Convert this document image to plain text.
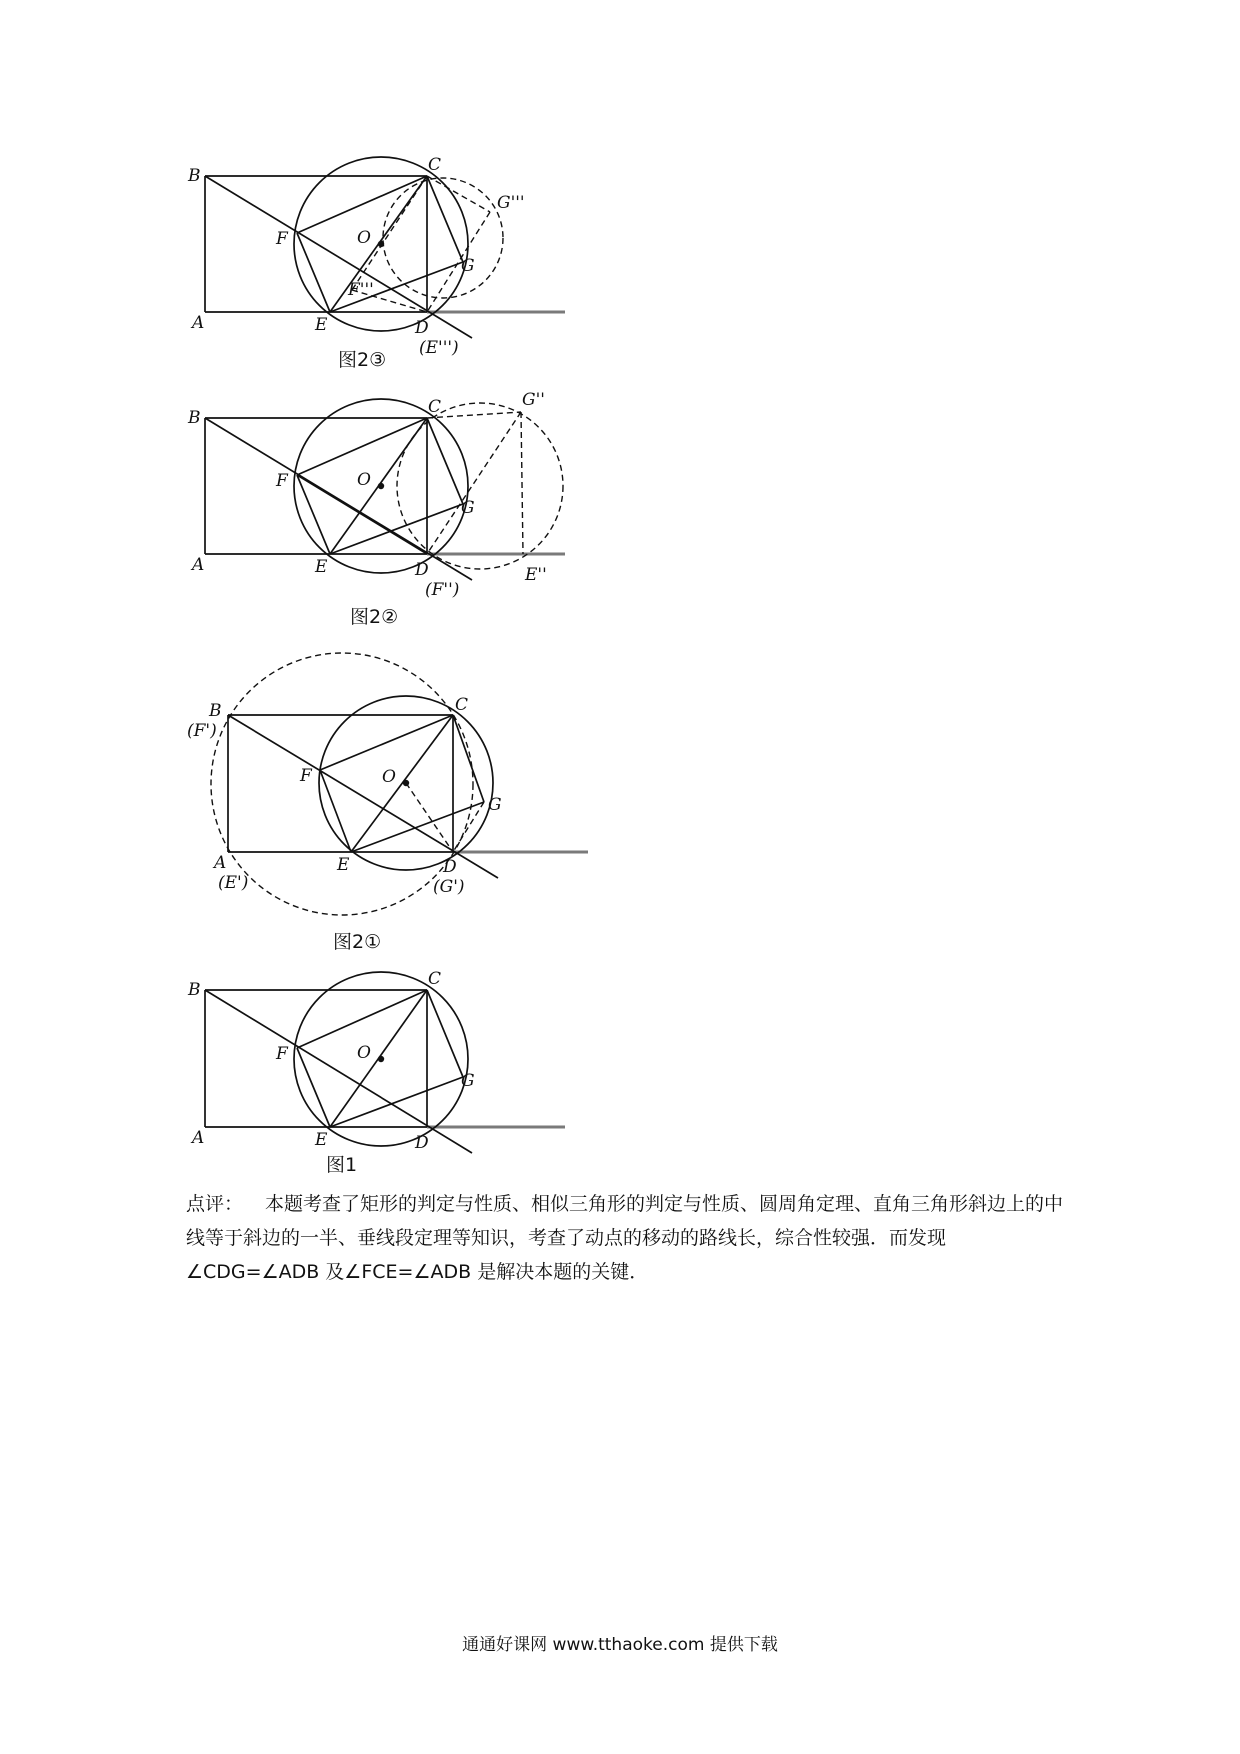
B
C
G'''
F	O
G
F'''
A	E	D
(E''')
图2③
B
C	G''
F	O
G
A	E	D
(F'')
E''
图2②
B
(F')
C
F	O
G
A
(E')
E	D
(G')
图2①
B
C
F	O
G
A	E	D
图1
点评： 本题考查了矩形的判定与性质、相似三角形的判定与性质、圆周角定理、直角三角形斜边上的中线等于斜边的一半、垂线段定理等知识，考查了动点的移动的路线长，综合性较强．而发现∠CDG=∠ADB 及∠FCE=∠ADB 是解决本题的关键．
通通好课网 www.tthaoke.com 提供下载
